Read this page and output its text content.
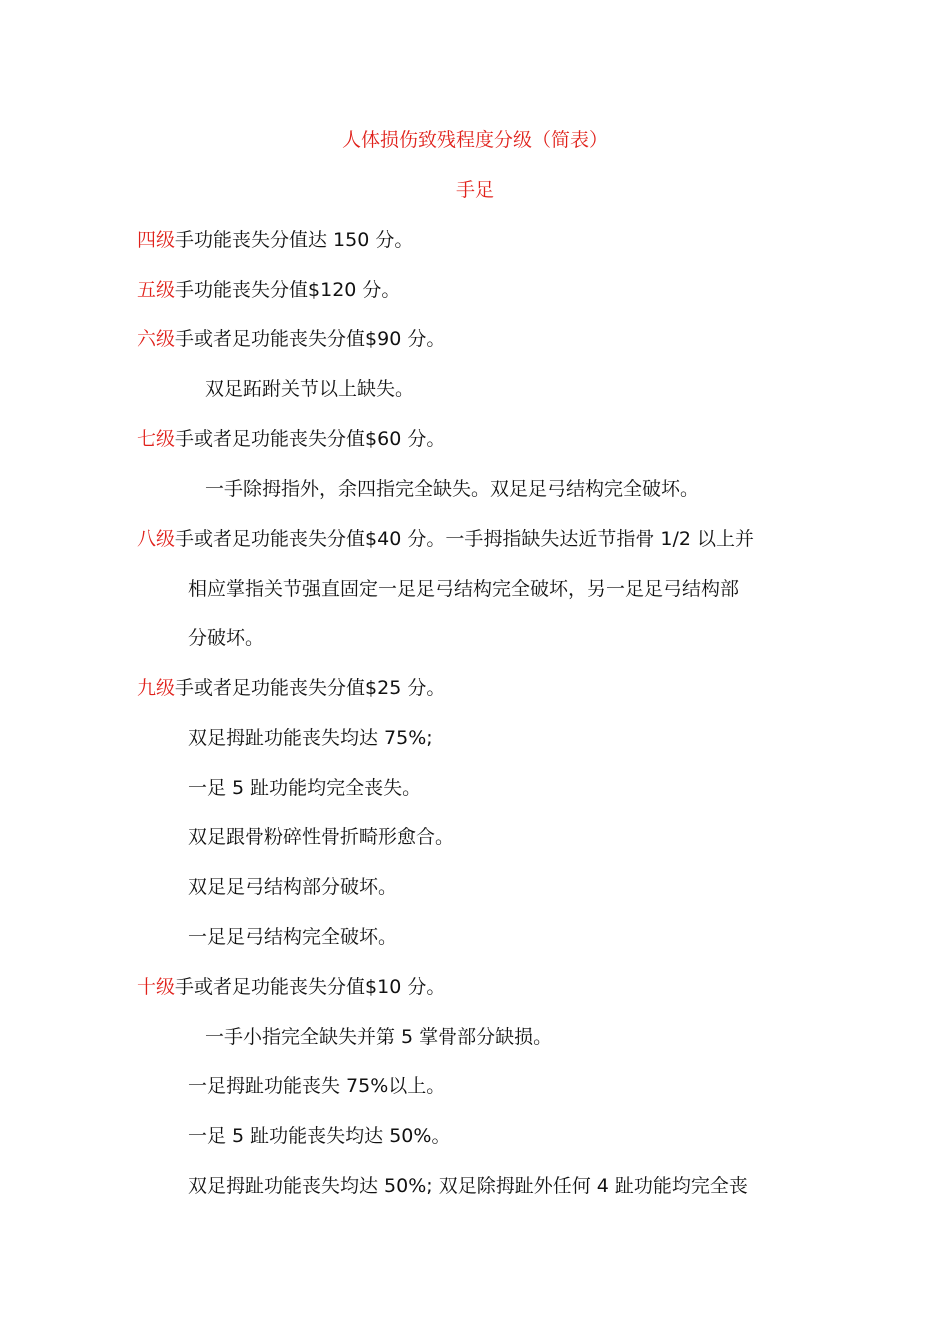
人体损伤致残程度分级（简表）
手足
四级手功能丧失分值达 150 分。
五级手功能丧失分值$120 分。
六级手或者足功能丧失分值$90 分。
双足跖跗关节以上缺失。
七级手或者足功能丧失分值$60 分。
一手除拇指外，余四指完全缺失。双足足弓结构完全破坏。
八级手或者足功能丧失分值$40 分。一手拇指缺失达近节指骨 1/2 以上并
相应掌指关节强直固定一足足弓结构完全破坏，另一足足弓结构部
分破坏。
九级手或者足功能丧失分值$25 分。
双足拇趾功能丧失均达 75%;
一足 5 趾功能均完全丧失。
双足跟骨粉碎性骨折畸形愈合。
双足足弓结构部分破坏。
一足足弓结构完全破坏。
十级手或者足功能丧失分值$10 分。
一手小指完全缺失并第 5 掌骨部分缺损。
一足拇趾功能丧失 75%以上。
一足 5 趾功能丧失均达 50%。
双足拇趾功能丧失均达 50%; 双足除拇趾外任何 4 趾功能均完全丧
